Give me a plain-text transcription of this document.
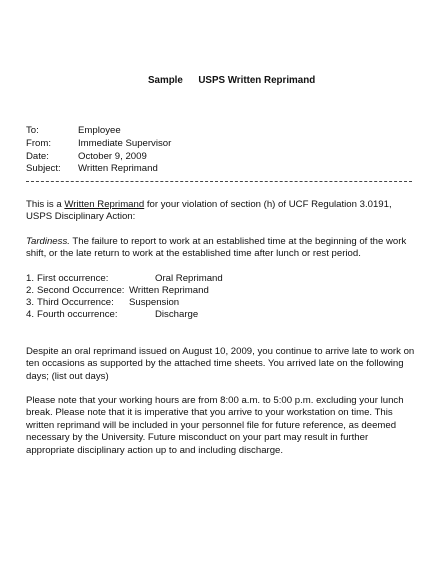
Sample USPS Written Reprimand
To:	Employee
From:	Immediate Supervisor
Date:	October 9, 2009
Subject: Written Reprimand
This is a Written Reprimand for your violation of section (h) of UCF Regulation 3.0191, USPS Disciplinary Action:
Tardiness. The failure to report to work at an established time at the beginning of the work shift, or the late return to work at the established time after lunch or rest period.
1. First occurrence:	Oral Reprimand
2. Second Occurrence: Written Reprimand
3. Third Occurrence: Suspension
4. Fourth occurrence:	Discharge
Despite an oral reprimand issued on August 10, 2009, you continue to arrive late to work on ten occasions as supported by the attached time sheets. You arrived late on the following days; (list out days)
Please note that your working hours are from 8:00 a.m. to 5:00 p.m. excluding your lunch break. Please note that it is imperative that you arrive to your workstation on time. This written reprimand will be included in your personnel file for future reference, as deemed necessary by the University. Future misconduct on your part may result in further appropriate disciplinary action up to and including discharge.
